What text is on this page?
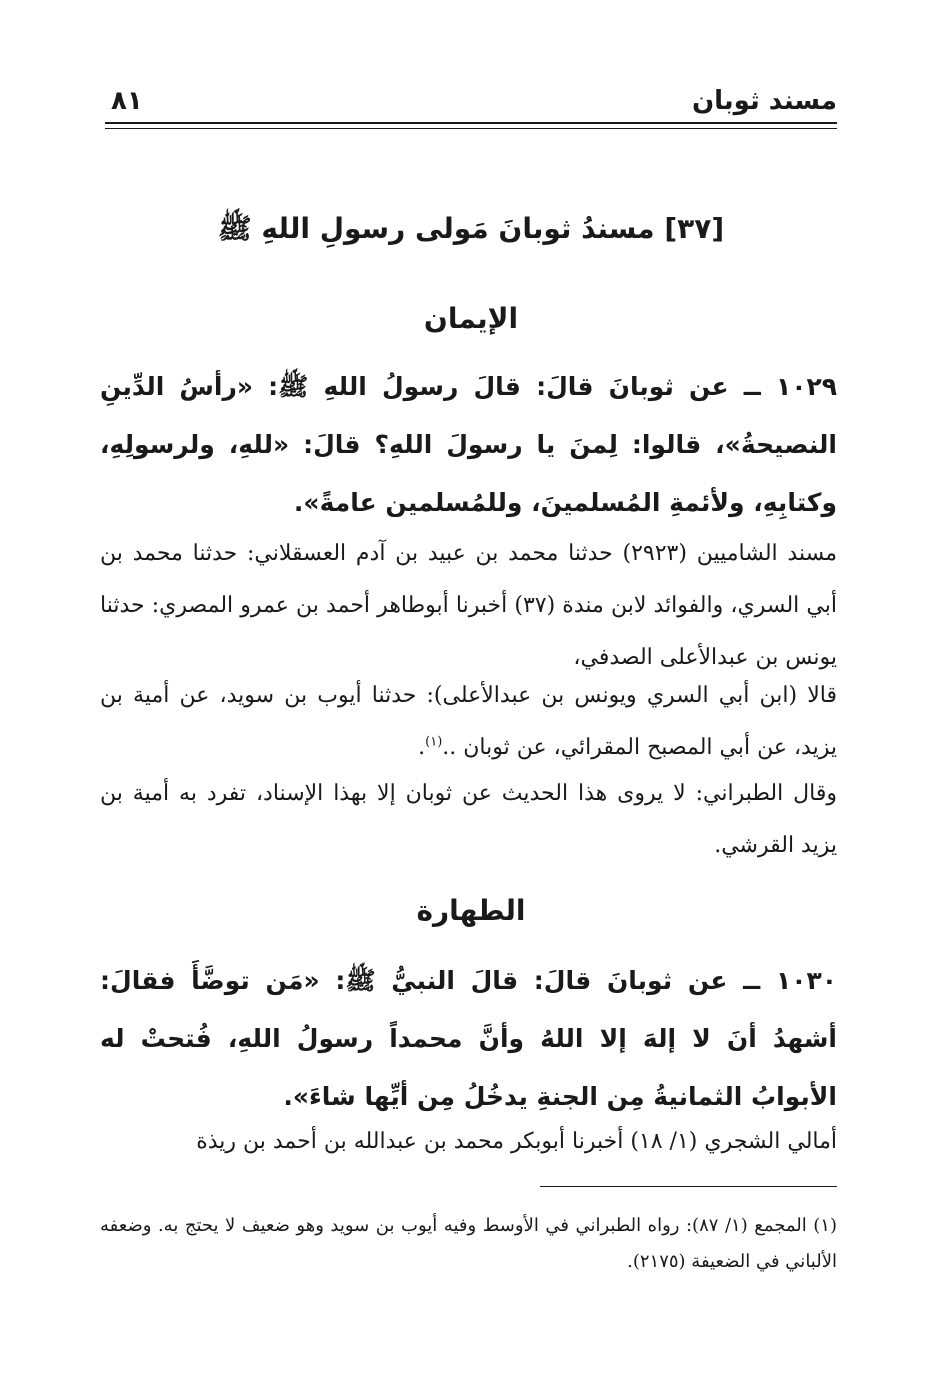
مسند ثوبان
٨١
[٣٧] مسندُ ثوبانَ مَولى رسولِ اللهِ ﷺ
الإيمان
١٠٢٩ ــ عن ثوبانَ قالَ: قالَ رسولُ اللهِ ﷺ: «رأسُ الدِّينِ النصيحةُ»، قالوا: لِمنَ يا رسولَ اللهِ؟ قالَ: «للهِ، ولرسولِهِ، وكتابِهِ، ولأئمةِ المُسلمينَ، وللمُسلمين عامةً».
مسند الشاميين (٢٩٢٣) حدثنا محمد بن عبيد بن آدم العسقلاني: حدثنا محمد بن أبي السري، والفوائد لابن مندة (٣٧) أخبرنا أبوطاهر أحمد بن عمرو المصري: حدثنا يونس بن عبدالأعلى الصدفي،
قالا (ابن أبي السري ويونس بن عبدالأعلى): حدثنا أيوب بن سويد، عن أمية بن يزيد، عن أبي المصبح المقرائي، عن ثوبان ..$^{(١)}$.
وقال الطبراني: لا يروى هذا الحديث عن ثوبان إلا بهذا الإسناد، تفرد به أمية بن يزيد القرشي.
الطهارة
١٠٣٠ ــ عن ثوبانَ قالَ: قالَ النبيُّ ﷺ: «مَن توضَّأَ فقالَ: أشهدُ أنَ لا إلهَ إلا اللهُ وأنَّ محمداً رسولُ اللهِ، فُتحتْ له الأبوابُ الثمانيةُ مِن الجنةِ يدخُلُ مِن أيِّها شاءَ».
أمالي الشجري (١/ ١٨) أخبرنا أبوبكر محمد بن عبدالله بن أحمد بن ريذة
(١) المجمع (١/ ٨٧): رواه الطبراني في الأوسط وفيه أيوب بن سويد وهو ضعيف لا يحتج به. وضعفه الألباني في الضعيفة (٢١٧٥).
